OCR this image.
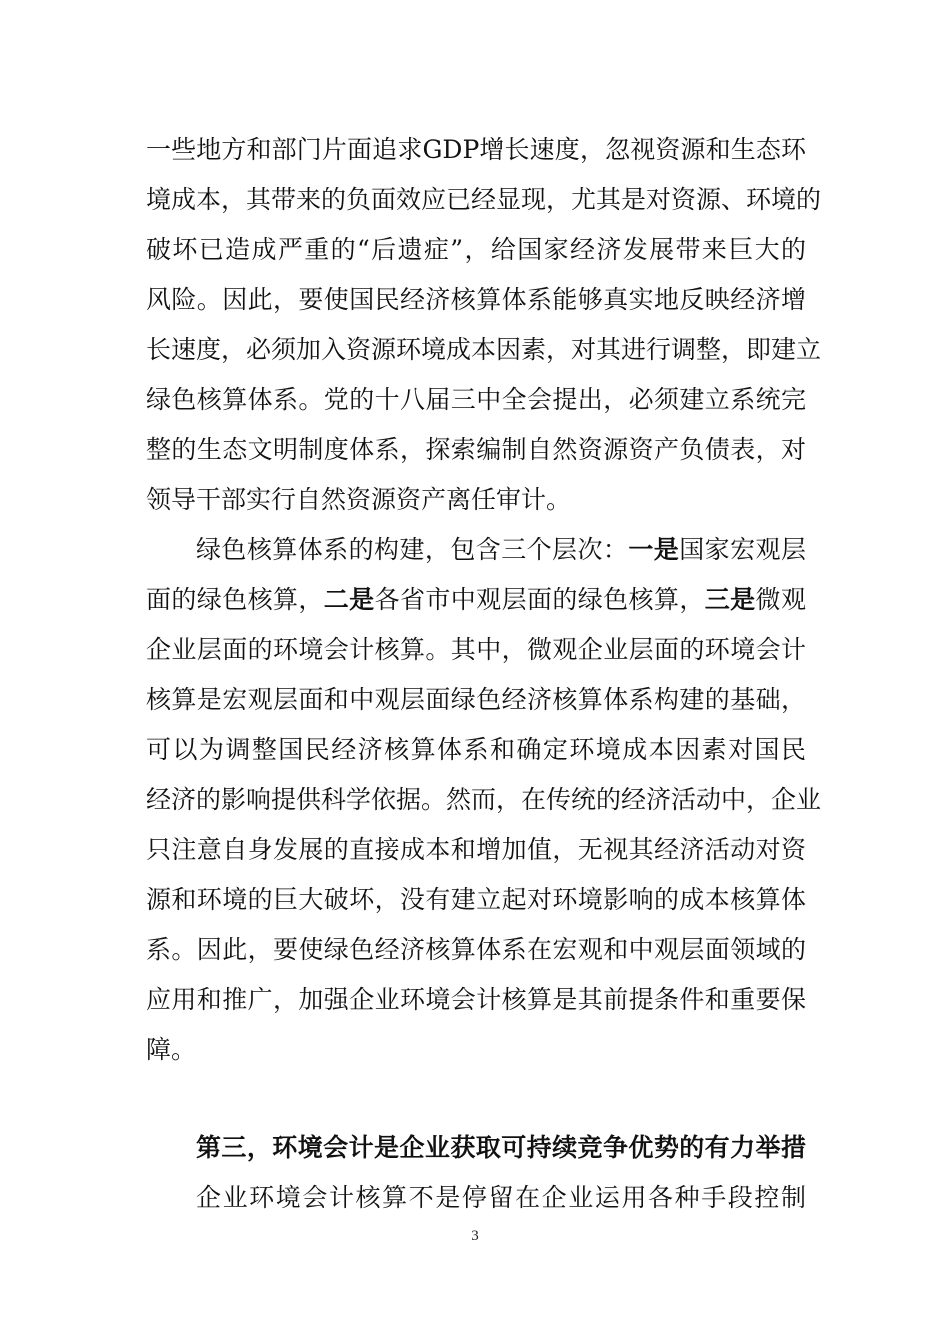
一些地方和部门片面追求GDP增长速度，忽视资源和生态环
境成本，其带来的负面效应已经显现，尤其是对资源、环境的
破坏已造成严重的“后遗症”，给国家经济发展带来巨大的
风险。因此，要使国民经济核算体系能够真实地反映经济增
长速度，必须加入资源环境成本因素，对其进行调整，即建立
绿色核算体系。党的十八届三中全会提出，必须建立系统完
整的生态文明制度体系，探索编制自然资源资产负债表，对
领导干部实行自然资源资产离任审计。
绿色核算体系的构建，包含三个层次：一是国家宏观层
面的绿色核算，二是各省市中观层面的绿色核算，三是微观
企业层面的环境会计核算。其中，微观企业层面的环境会计
核算是宏观层面和中观层面绿色经济核算体系构建的基础，
可以为调整国民经济核算体系和确定环境成本因素对国民
经济的影响提供科学依据。然而，在传统的经济活动中，企业
只注意自身发展的直接成本和增加值，无视其经济活动对资
源和环境的巨大破坏，没有建立起对环境影响的成本核算体
系。因此，要使绿色经济核算体系在宏观和中观层面领域的
应用和推广，加强企业环境会计核算是其前提条件和重要保
障。
第三，环境会计是企业获取可持续竞争优势的有力举措
企业环境会计核算不是停留在企业运用各种手段控制
3
